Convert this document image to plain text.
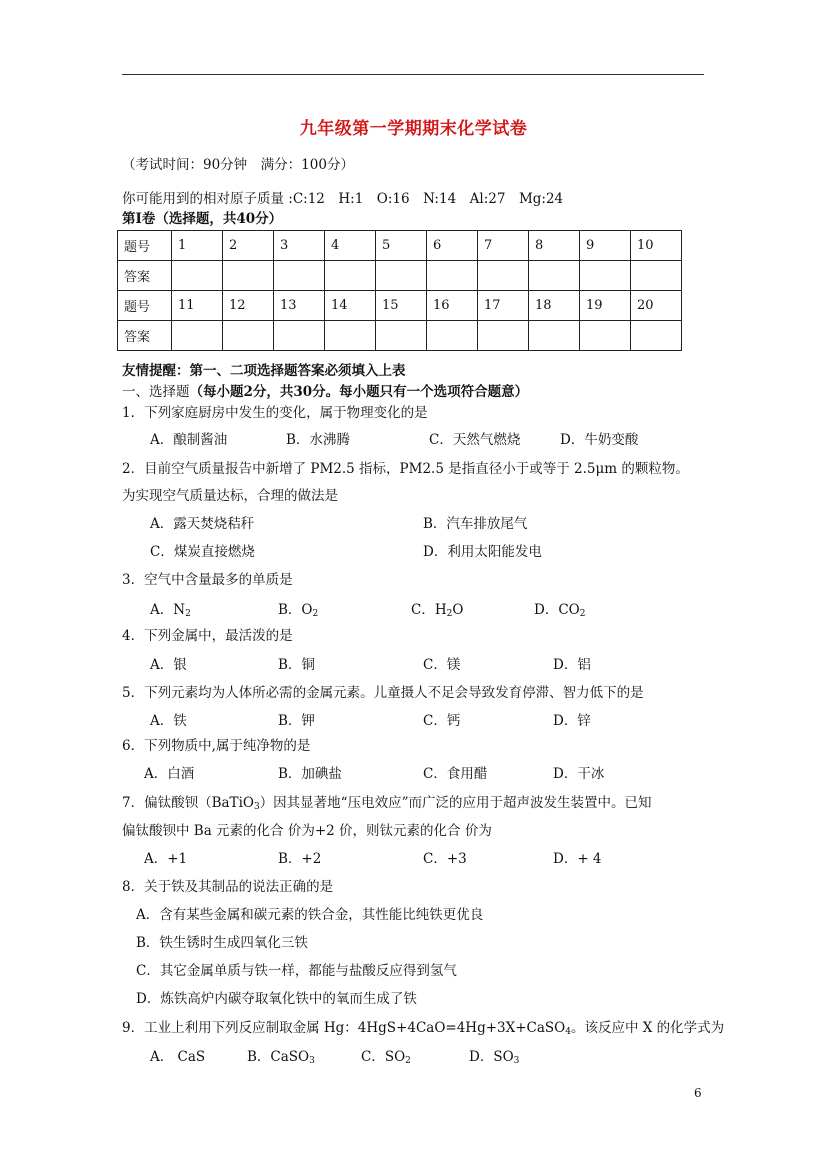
九年级第一学期期末化学试卷
（考试时间：90分钟　满分：100分）
你可能用到的相对原子质量 :C:12　H:1　O:16　N:14　Al:27　Mg:24
第Ⅰ卷（选择题，共40分）
题号	1	2	3	4	5	6	7	8	9	10
答案										
题号	11	12	13	14	15	16	17	18	19	20
答案										
友情提醒：第一、二项选择题答案必须填入上表
一、选择题（每小题2分，共30分。每小题只有一个选项符合题意）
1．下列家庭厨房中发生的变化，属于物理变化的是
A．酿制酱油	B．水沸腾	C．天然气燃烧	D．牛奶变酸
2．目前空气质量报告中新增了 PM2.5 指标，PM2.5 是指直径小于或等于 2.5μm 的颗粒物。
为实现空气质量达标，合理的做法是
A．露天焚烧秸秆	B．汽车排放尾气
C．煤炭直接燃烧	D．利用太阳能发电
3．空气中含量最多的单质是
A．$N_2$	B．$O_2$	C．$H_2O$	D．$CO_2$
4．下列金属中，最活泼的是
A．银	B．铜	C．镁	D．铝
5．下列元素均为人体所必需的金属元素。儿童摄人不足会导致发育停滞、智力低下的是
A．铁	B．钾	C．钙	D．锌
6．下列物质中,属于纯净物的是
A．白酒	B．加碘盐	C．食用醋	D．干冰
7．偏钛酸钡（BaTiO$_3$）因其显著地“压电效应”而广泛的应用于超声波发生装置中。已知
偏钛酸钡中 Ba 元素的化合 价为+2 价，则钛元素的化合 价为
A．+1	B．+2	C．+3	D．+ 4
8．关于铁及其制品的说法正确的是
A．含有某些金属和碳元素的铁合金，其性能比纯铁更优良
B．铁生锈时生成四氧化三铁
C．其它金属单质与铁一样，都能与盐酸反应得到氢气
D．炼铁高炉内碳夺取氧化铁中的氧而生成了铁
9．工业上利用下列反应制取金属 Hg：4HgS+4CaO=4Hg+3X+CaSO$_4$。该反应中 X 的化学式为
A． CaS	B．CaSO$_3$	C．$SO_2$	D．$SO_3$
6
